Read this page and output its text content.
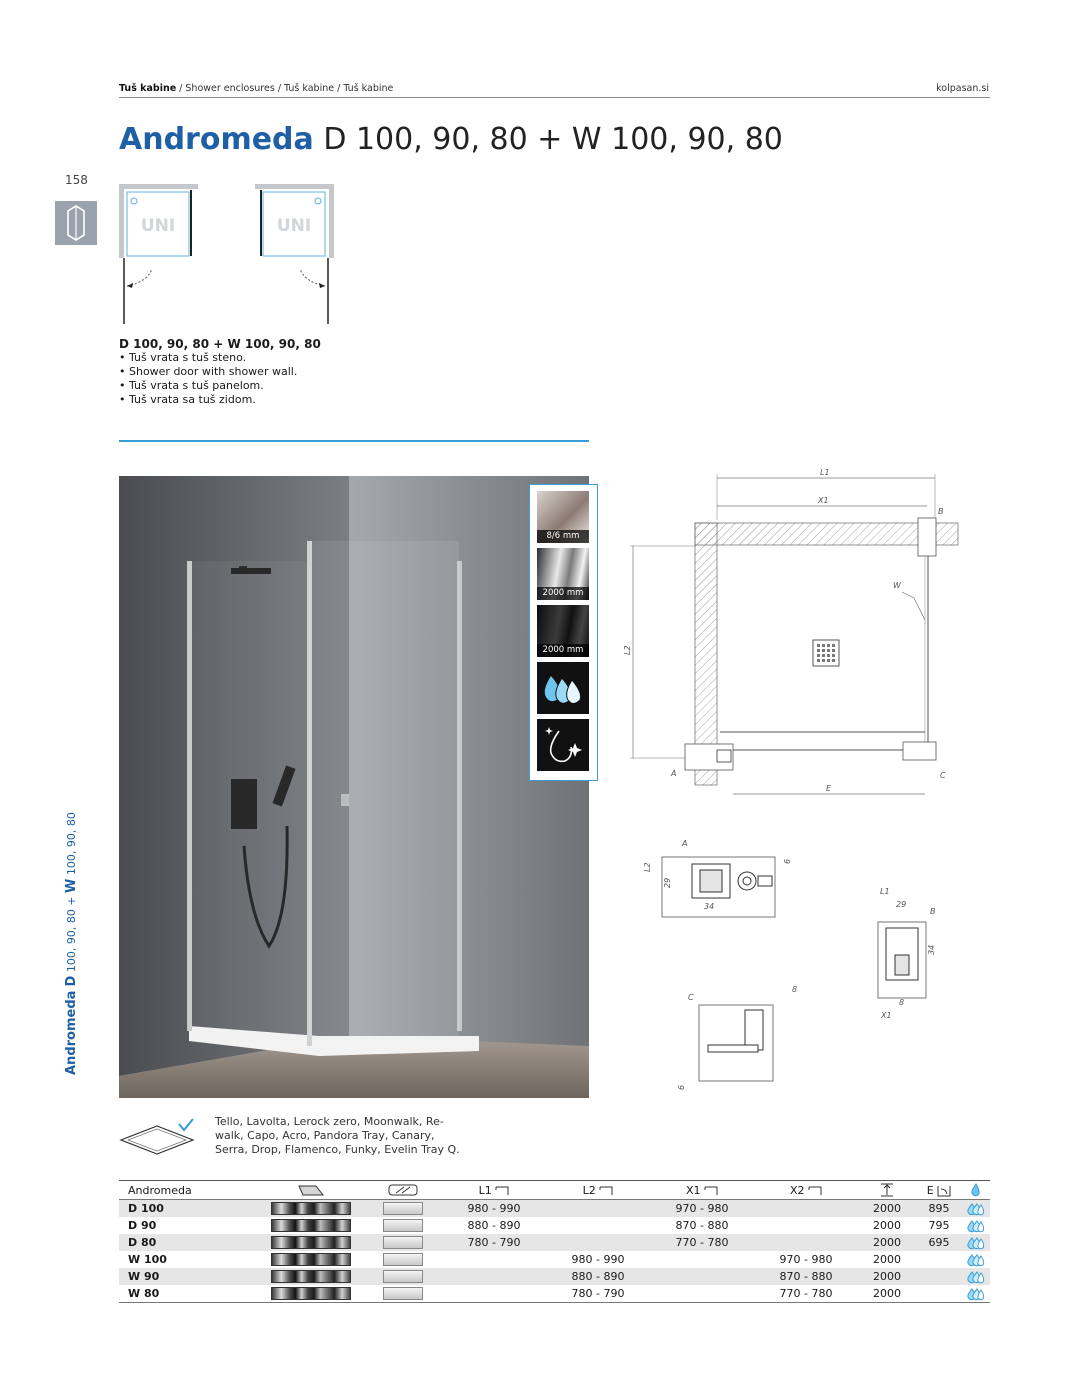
Tuš kabine / Shower enclosures / Tuš kabine / Tuš kabine	kolpasan.si
Andromeda D 100, 90, 80 + W 100, 90, 80
158
Andromeda D 100, 90, 80 + W 100, 90, 80
UNI	UNI
D 100, 90, 80 + W 100, 90, 80
• Tuš vrata s tuš steno.
• Shower door with shower wall.
• Tuš vrata s tuš panelom.
• Tuš vrata sa tuš zidom.
8/6 mm
2000 mm
2000 mm
L1
X1
B
W
L2
A	C
E
A
L2
29
34
6
L1
B
29
34
8
X1
C
8
6
Tello, Lavolta, Lerock zero, Moonwalk, Re-walk, Capo, Acro, Pandora Tray, Canary, Serra, Drop, Flamenco, Funky, Evelin Tray Q.
Andromeda			L1	L2	X1	X2		E	
D 100			980 - 990		970 - 980		2000	895	
D 90			880 - 890		870 - 880		2000	795	
D 80			780 - 790		770 - 780		2000	695	
W 100				980 - 990		970 - 980	2000		
W 90				880 - 890		870 - 880	2000		
W 80				780 - 790		770 - 780	2000		
